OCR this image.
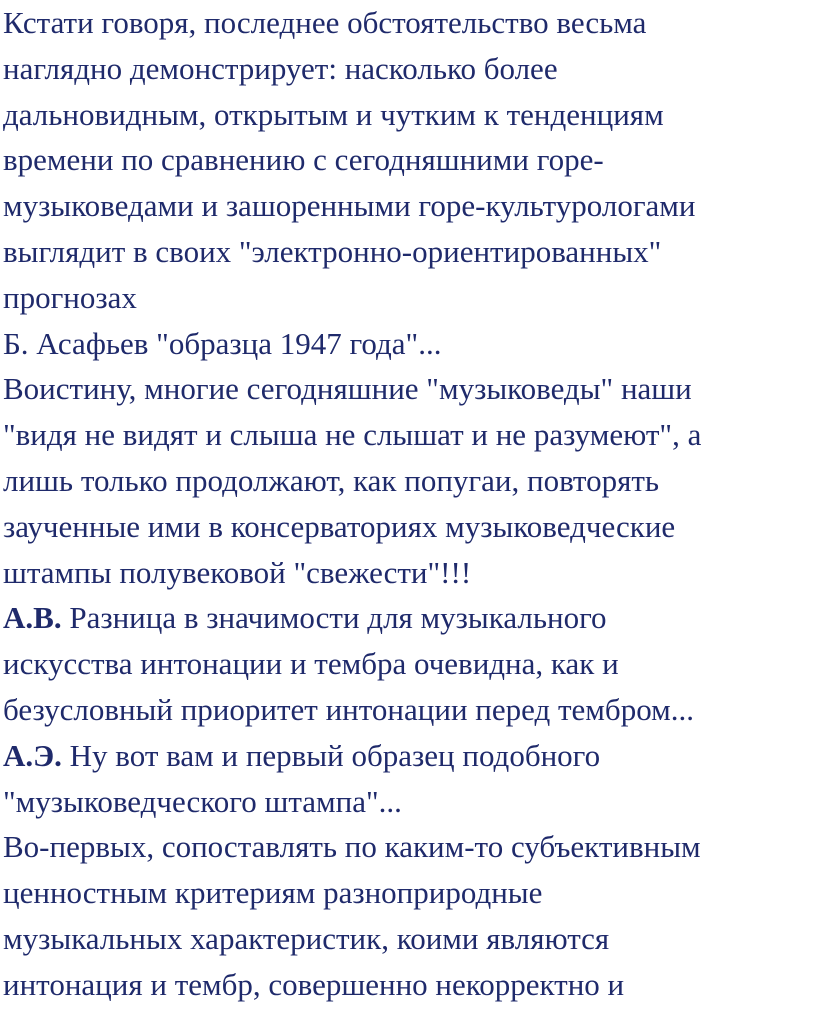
Кстати говоря, последнее обстоятельство весьма
наглядно демонстрирует: насколько более
дальновидным, открытым и чутким к тенденциям
времени по сравнению с сегодняшними горе-
музыковедами и зашоренными горе-культурологами
выглядит в своих "электронно-ориентированных"
прогнозах
Б. Асафьев "образца 1947 года"...
Воистину, многие сегодняшние "музыковеды" наши
"видя не видят и слыша не слышат и не разумеют", а
лишь только продолжают, как попугаи, повторять
заученные ими в консерваториях музыковедческие
штампы полувековой "свежести"!!!
А.В. Разница в значимости для музыкального
искусства интонации и тембра очевидна, как и
безусловный приоритет интонации перед тембром...
А.Э. Ну вот вам и первый образец подобного
"музыковедческого штампа"...
Во-первых, сопоставлять по каким-то субъективным
ценностным критериям разноприродные
музыкальных характеристик, коими являются
интонация и тембр, совершенно некорректно и
